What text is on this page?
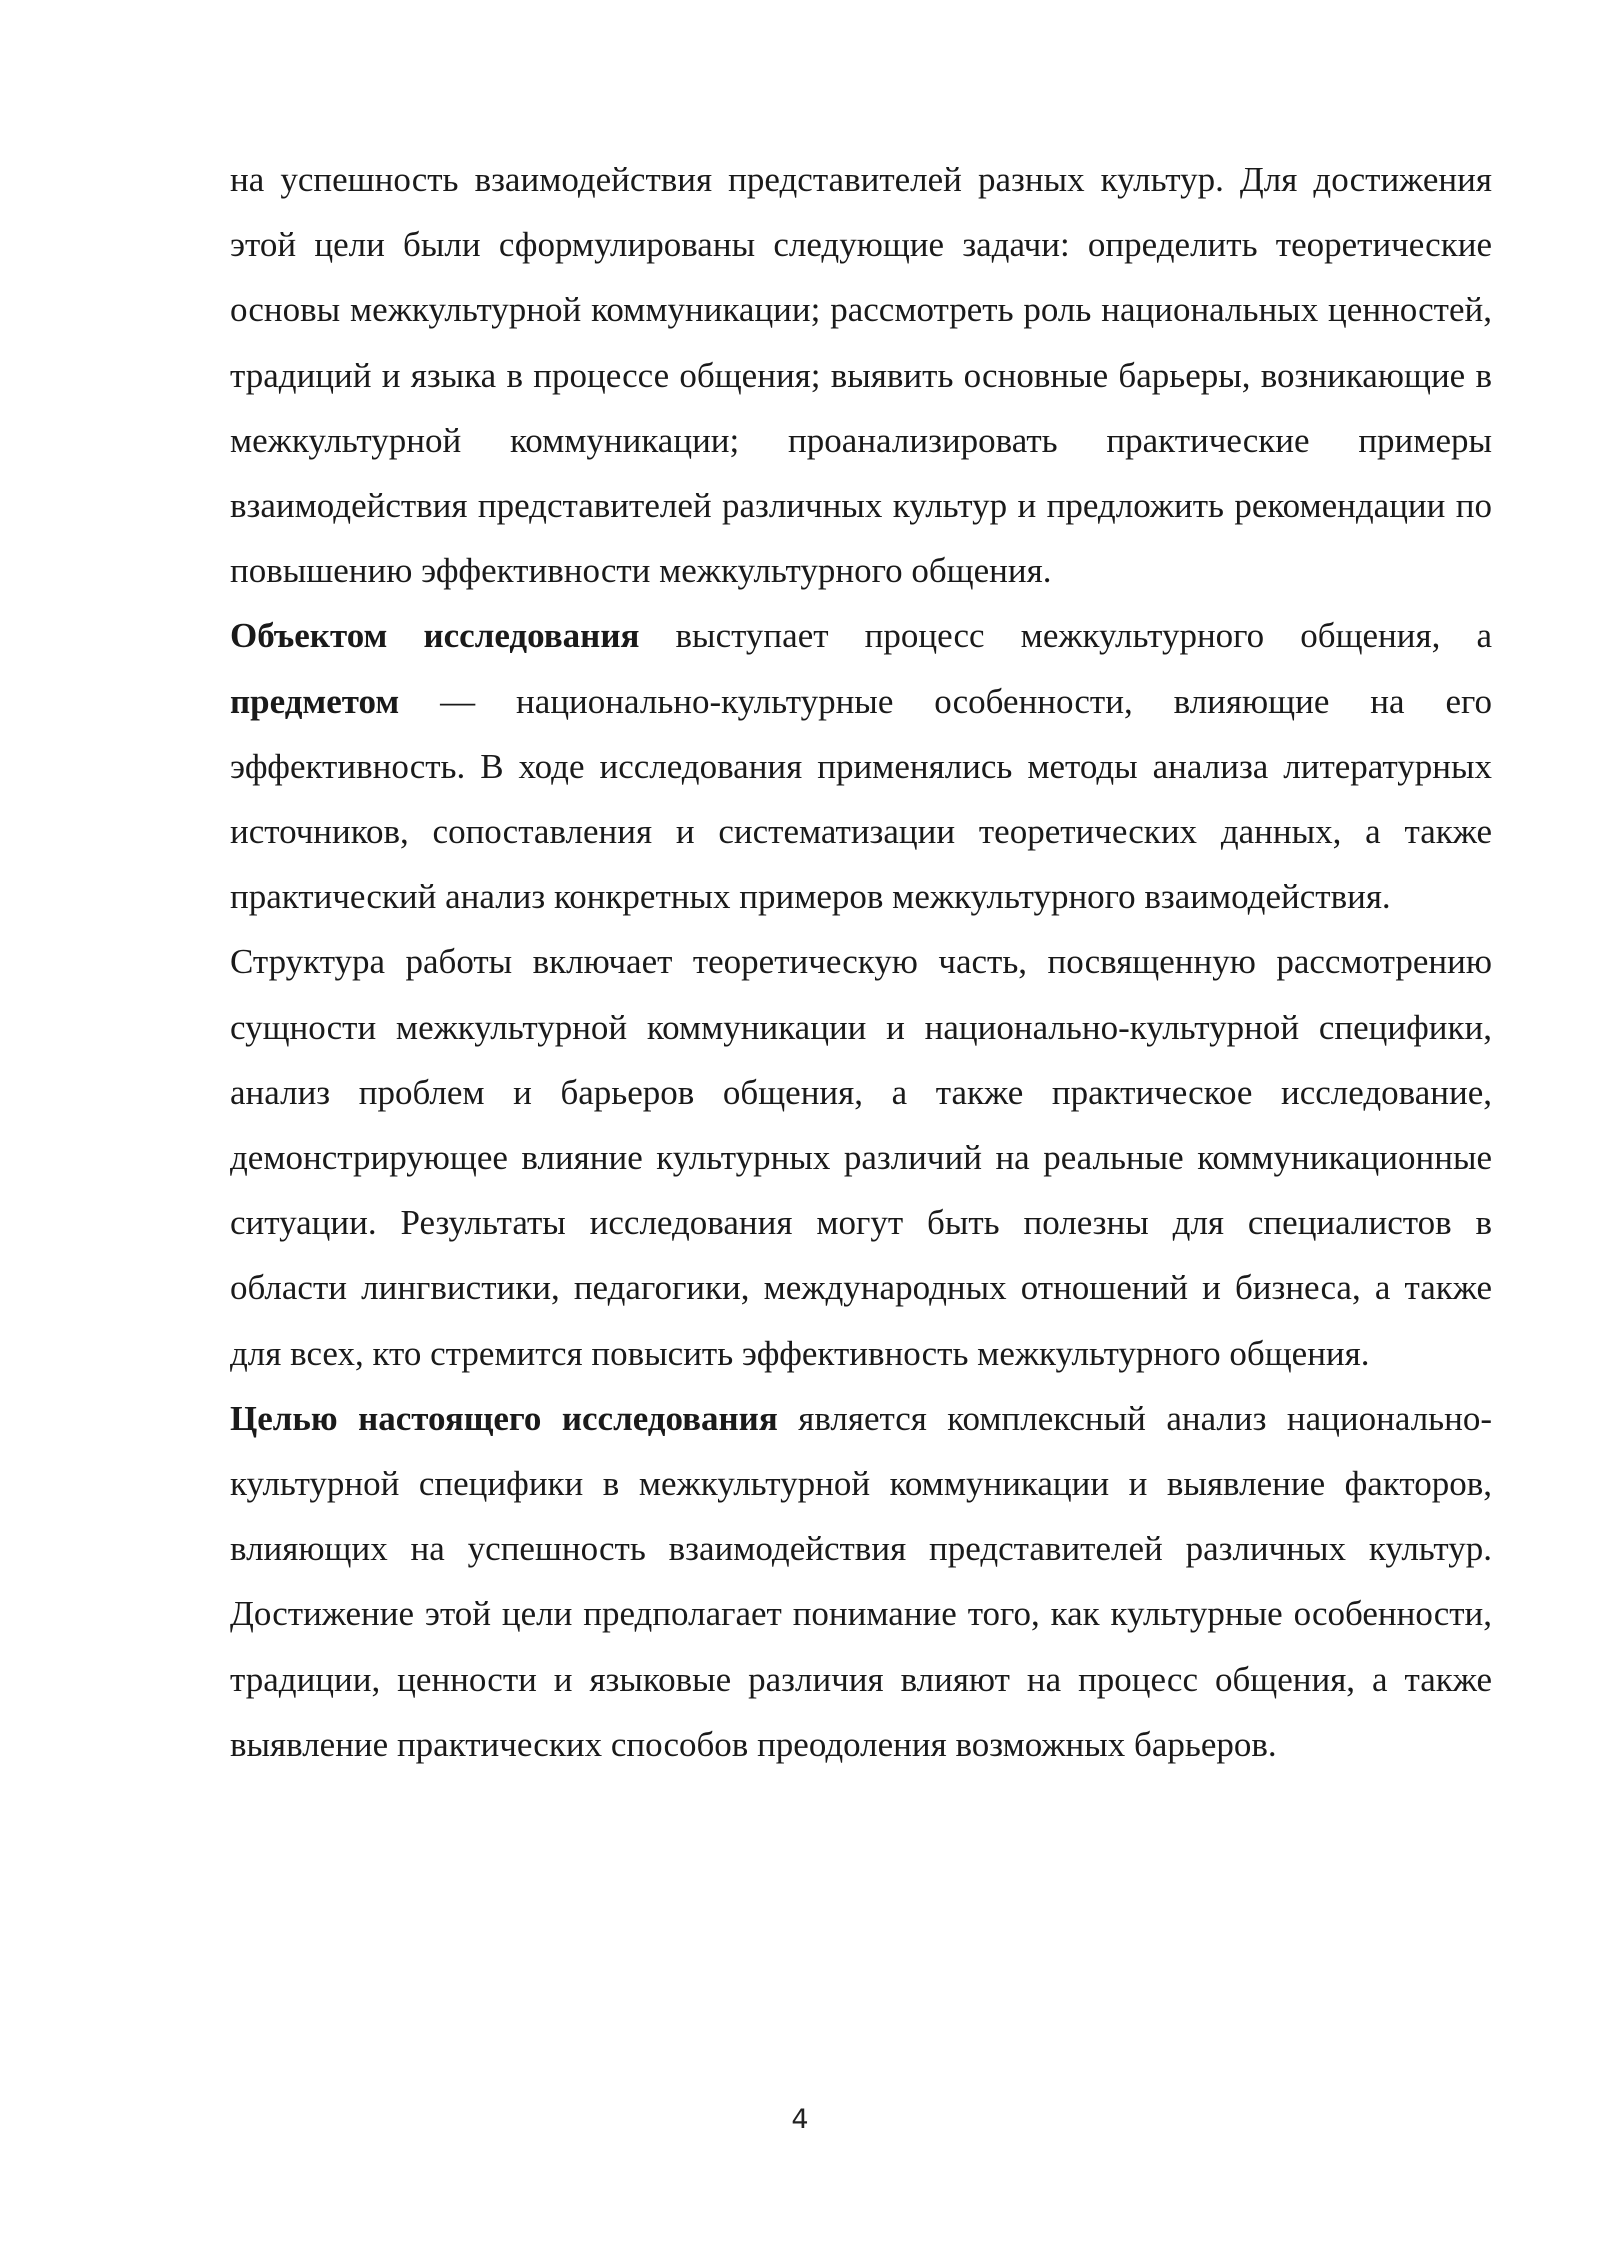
на успешность взаимодействия представителей разных культур. Для достижения этой цели были сформулированы следующие задачи: определить теоретические основы межкультурной коммуникации; рассмотреть роль национальных ценностей, традиций и языка в процессе общения; выявить основные барьеры, возникающие в межкультурной коммуникации; проанализировать практические примеры взаимодействия представителей различных культур и предложить рекомендации по повышению эффективности межкультурного общения.

Объектом исследования выступает процесс межкультурного общения, а предметом — национально-культурные особенности, влияющие на его эффективность. В ходе исследования применялись методы анализа литературных источников, сопоставления и систематизации теоретических данных, а также практический анализ конкретных примеров межкультурного взаимодействия.

Структура работы включает теоретическую часть, посвященную рассмотрению сущности межкультурной коммуникации и национально-культурной специфики, анализ проблем и барьеров общения, а также практическое исследование, демонстрирующее влияние культурных различий на реальные коммуникационные ситуации. Результаты исследования могут быть полезны для специалистов в области лингвистики, педагогики, международных отношений и бизнеса, а также для всех, кто стремится повысить эффективность межкультурного общения.

Целью настоящего исследования является комплексный анализ национально-культурной специфики в межкультурной коммуникации и выявление факторов, влияющих на успешность взаимодействия представителей различных культур. Достижение этой цели предполагает понимание того, как культурные особенности, традиции, ценности и языковые различия влияют на процесс общения, а также выявление практических способов преодоления возможных барьеров.

4
